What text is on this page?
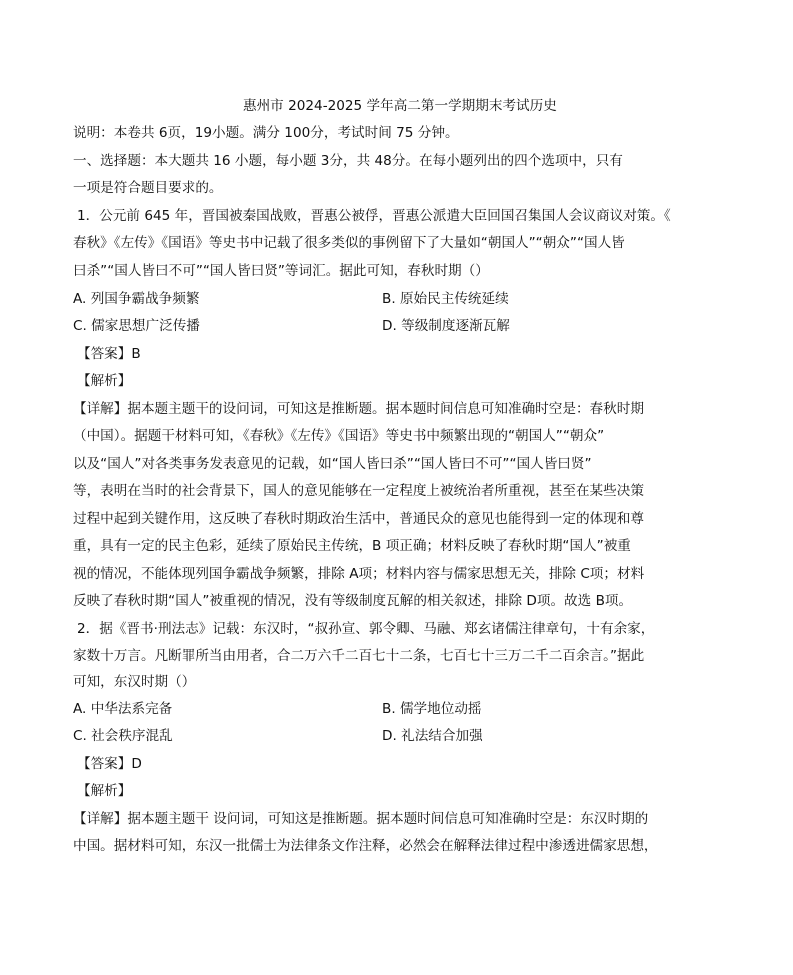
惠州市 2024-2025 学年高二第一学期期末考试历史
说明：本卷共 6页，19小题。满分 100分，考试时间 75 分钟。
一、选择题：本大题共 16 小题，每小题 3分，共 48分。在每小题列出的四个选项中，只有
一项是符合题目要求的。
1．公元前 645 年，晋国被秦国战败，晋惠公被俘，晋惠公派遣大臣回国召集国人会议商议对策。《
春秋》《左传》《国语》等史书中记载了很多类似的事例留下了大量如“朝国人”“朝众”“国人皆
曰杀”“国人皆曰不可”“国人皆曰贤”等词汇。据此可知，春秋时期（）
A. 列国争霸战争频繁	B. 原始民主传统延续
C. 儒家思想广泛传播	D. 等级制度逐渐瓦解
【答案】B
【解析】
【详解】据本题主题干的设问词，可知这是推断题。据本题时间信息可知准确时空是：春秋时期
（中国）。据题干材料可知，《春秋》《左传》《国语》等史书中频繁出现的“朝国人”“朝众”
以及“国人”对各类事务发表意见的记载，如“国人皆曰杀”“国人皆曰不可”“国人皆曰贤”
等，表明在当时的社会背景下，国人的意见能够在一定程度上被统治者所重视，甚至在某些决策
过程中起到关键作用，这反映了春秋时期政治生活中，普通民众的意见也能得到一定的体现和尊
重，具有一定的民主色彩，延续了原始民主传统，B 项正确；材料反映了春秋时期“国人”被重
视的情况，不能体现列国争霸战争频繁，排除 A项；材料内容与儒家思想无关，排除 C项；材料
反映了春秋时期“国人”被重视的情况，没有等级制度瓦解的相关叙述，排除 D项。故选 B项。
2．据《晋书·刑法志》记载：东汉时，“叔孙宣、郭令卿、马融、郑玄诸儒注律章句，十有余家，
家数十万言。凡断罪所当由用者，合二万六千二百七十二条，七百七十三万二千二百余言。”据此
可知，东汉时期（）
A. 中华法系完备	B. 儒学地位动摇
C. 社会秩序混乱	D. 礼法结合加强
【答案】D
【解析】
【详解】据本题主题干 设问词，可知这是推断题。据本题时间信息可知准确时空是：东汉时期的
中国。据材料可知，东汉一批儒士为法律条文作注释，必然会在解释法律过程中渗透进儒家思想，
